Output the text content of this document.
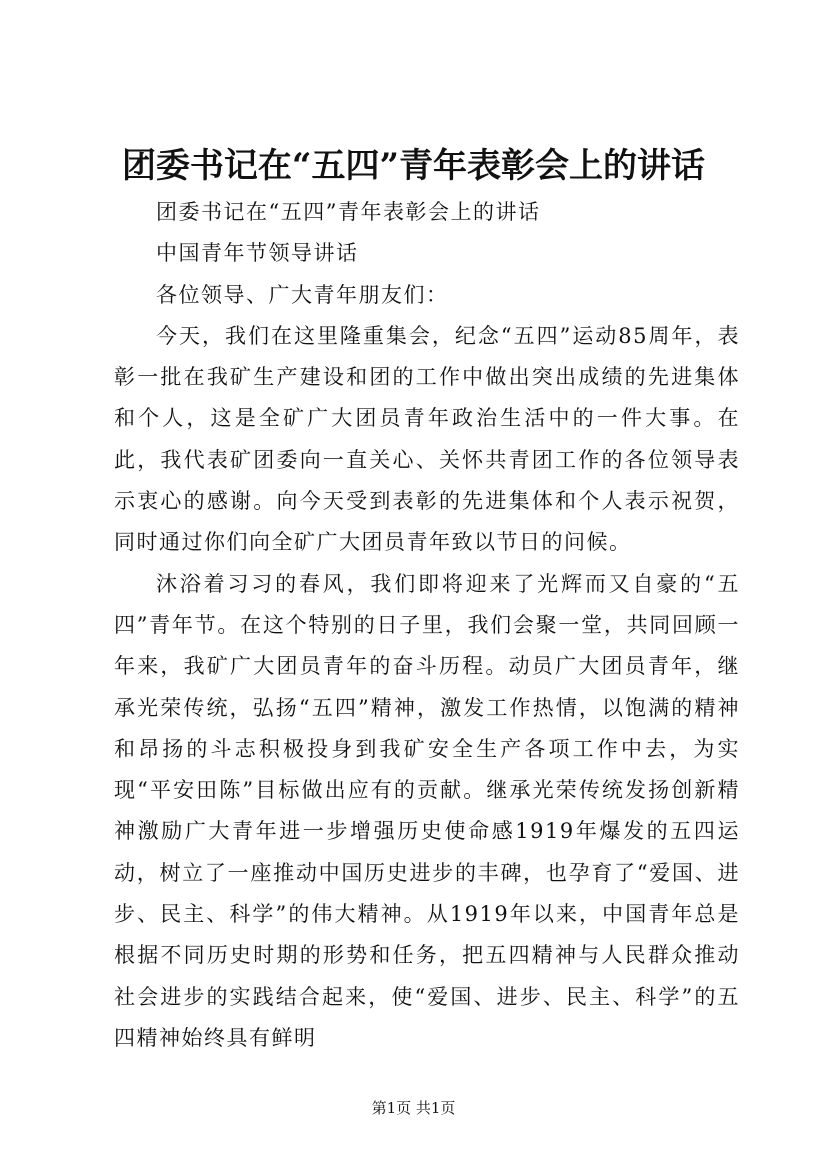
团委书记在“五四”青年表彰会上的讲话

团委书记在“五四”青年表彰会上的讲话

中国青年节领导讲话

各位领导、广大青年朋友们：

今天，我们在这里隆重集会，纪念“五四”运动85周年，表彰一批在我矿生产建设和团的工作中做出突出成绩的先进集体和个人，这是全矿广大团员青年政治生活中的一件大事。在此，我代表矿团委向一直关心、关怀共青团工作的各位领导表示衷心的感谢。向今天受到表彰的先进集体和个人表示祝贺，同时通过你们向全矿广大团员青年致以节日的问候。

沐浴着习习的春风，我们即将迎来了光辉而又自豪的“五四”青年节。在这个特别的日子里，我们会聚一堂，共同回顾一年来，我矿广大团员青年的奋斗历程。动员广大团员青年，继承光荣传统，弘扬“五四”精神，激发工作热情，以饱满的精神和昂扬的斗志积极投身到我矿安全生产各项工作中去，为实现“平安田陈”目标做出应有的贡献。继承光荣传统发扬创新精神激励广大青年进一步增强历史使命感1919年爆发的五四运动，树立了一座推动中国历史进步的丰碑，也孕育了“爱国、进步、民主、科学”的伟大精神。从1919年以来，中国青年总是根据不同历史时期的形势和任务，把五四精神与人民群众推动社会进步的实践结合起来，使“爱国、进步、民主、科学”的五四精神始终具有鲜明

第1页 共1页
